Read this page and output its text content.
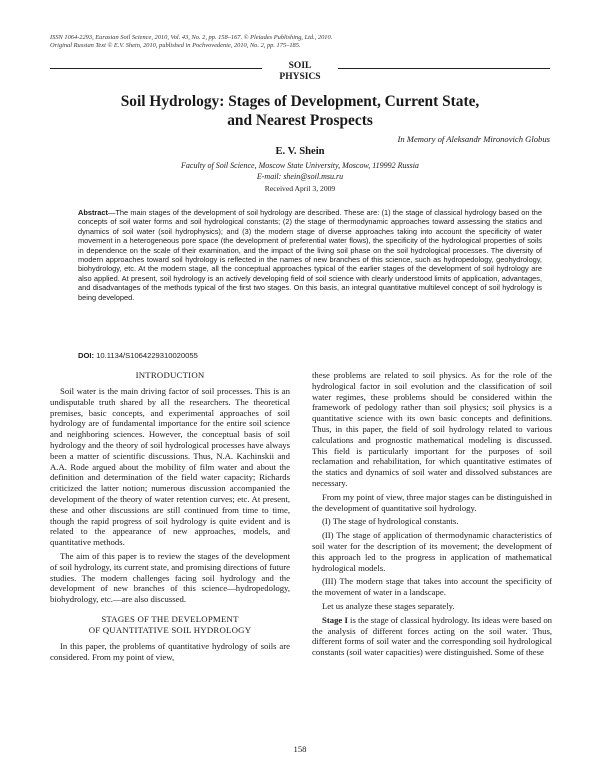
ISSN 1064-2293, Eurasian Soil Science, 2010, Vol. 43, No. 2, pp. 158–167. © Pleiades Publishing, Ltd., 2010.
Original Russian Text © E.V. Shein, 2010, published in Pochvovedenie, 2010, No. 2, pp. 175–185.
SOIL
PHYSICS
Soil Hydrology: Stages of Development, Current State,
and Nearest Prospects
In Memory of Aleksandr Mironovich Globus
E. V. Shein
Faculty of Soil Science, Moscow State University, Moscow, 119992 Russia
E-mail: shein@soil.msu.ru
Received April 3, 2009
Abstract—The main stages of the development of soil hydrology are described. These are: (1) the stage of classical hydrology based on the concepts of soil water forms and soil hydrological constants; (2) the stage of thermodynamic approaches toward assessing the statics and dynamics of soil water (soil hydrophysics); and (3) the modern stage of diverse approaches taking into account the specificity of water movement in a heterogeneous pore space (the development of preferential water flows), the specificity of the hydrological properties of soils in dependence on the scale of their examination, and the impact of the living soil phase on the soil hydrological processes. The diversity of modern approaches toward soil hydrology is reflected in the names of new branches of this science, such as hydropedology, geohydrology, biohydrology, etc. At the modern stage, all the conceptual approaches typical of the earlier stages of the development of soil hydrology are also applied. At present, soil hydrology is an actively developing field of soil science with clearly understood limits of application, advantages, and disadvantages of the methods typical of the first two stages. On this basis, an integral quantitative multilevel concept of soil hydrology is being developed.
DOI: 10.1134/S1064229310020055
INTRODUCTION

Soil water is the main driving factor of soil processes. This is an undisputable truth shared by all the researchers. The theoretical premises, basic concepts, and experimental approaches of soil hydrology are of fundamental importance for the entire soil science and neighboring sciences. However, the conceptual basis of soil hydrology and the theory of soil hydrological processes have always been a matter of scientific discussions. Thus, N.A. Kachinskii and A.A. Rode argued about the mobility of film water and about the definition and determination of the field water capacity; Richards criticized the latter notion; numerous discussion accompanied the development of the theory of water retention curves; etc. At present, these and other discussions are still continued from time to time, though the rapid progress of soil hydrology is quite evident and is related to the appearance of new approaches, models, and quantitative methods.

The aim of this paper is to review the stages of the development of soil hydrology, its current state, and promising directions of future studies. The modern challenges facing soil hydrology and the development of new branches of this science—hydropedology, biohydrology, etc.—are also discussed.

STAGES OF THE DEVELOPMENT
OF QUANTITATIVE SOIL HYDROLOGY

In this paper, the problems of quantitative hydrology of soils are considered. From my point of view,

these problems are related to soil physics. As for the role of the hydrological factor in soil evolution and the classification of soil water regimes, these problems should be considered within the framework of pedology rather than soil physics; soil physics is a quantitative science with its own basic concepts and definitions. Thus, in this paper, the field of soil hydrology related to various calculations and prognostic mathematical modeling is discussed. This field is particularly important for the purposes of soil reclamation and rehabilitation, for which quantitative estimates of the statics and dynamics of soil water and dissolved substances are necessary.

From my point of view, three major stages can be distinguished in the development of quantitative soil hydrology.

(I) The stage of hydrological constants.

(II) The stage of application of thermodynamic characteristics of soil water for the description of its movement; the development of this approach led to the progress in application of mathematical hydrological models.

(III) The modern stage that takes into account the specificity of the movement of water in a landscape.

Let us analyze these stages separately.

Stage I is the stage of classical hydrology. Its ideas were based on the analysis of different forces acting on the soil water. Thus, different forms of soil water and the corresponding soil hydrological constants (soil water capacities) were distinguished. Some of these

158
